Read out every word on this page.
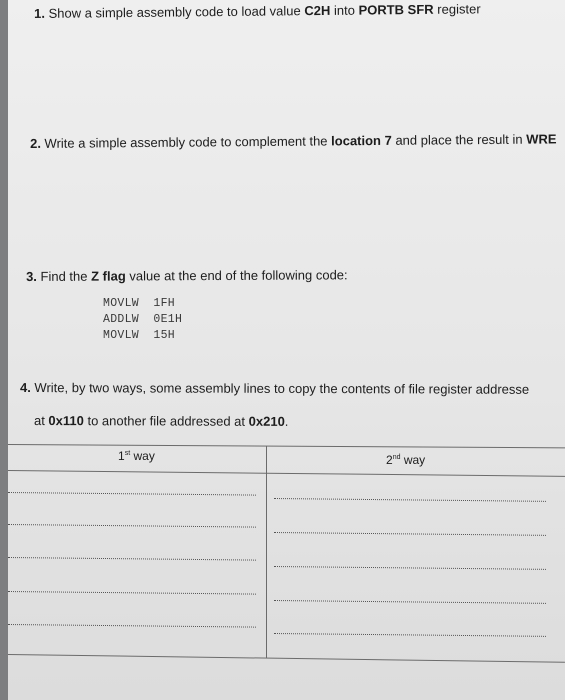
1. Show a simple assembly code to load value C2H into PORTB SFR register
2. Write a simple assembly code to complement the location 7 and place the result in WRE
3. Find the Z flag value at the end of the following code:
MOVLW  1FH
ADDLW  0E1H
MOVLW  15H
4. Write, by two ways, some assembly lines to copy the contents of file register addresse
at 0x110 to another file addressed at 0x210.
1st way	2nd way
